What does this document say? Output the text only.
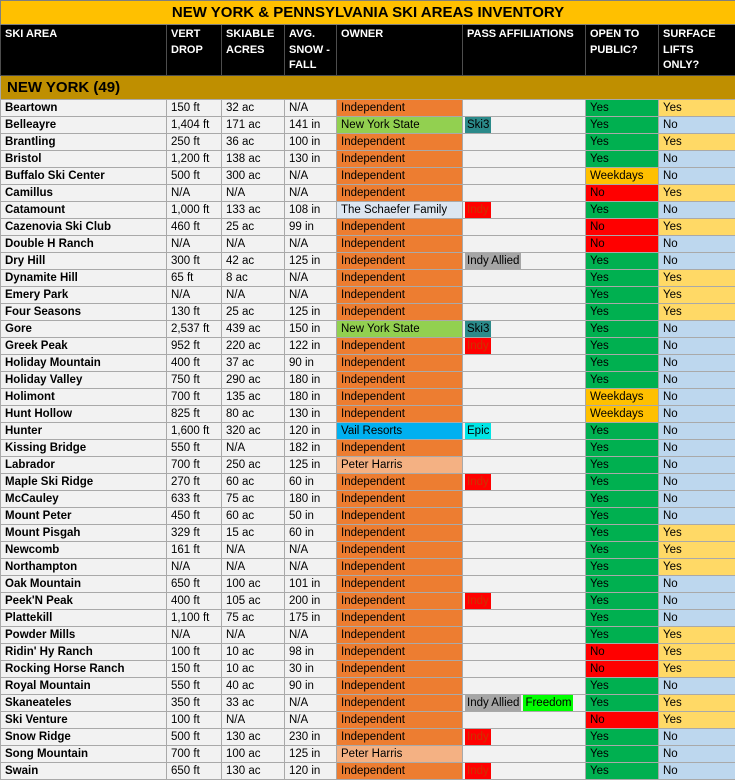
NEW YORK & PENNSYLVANIA SKI AREAS INVENTORY							
SKI AREA	VERT DROP	SKIABLE ACRES	AVG. SNOW - FALL	OWNER	PASS AFFILIATIONS	OPEN TO PUBLIC?	SURFACE LIFTS ONLY?
NEW YORK (49)							
Beartown	150 ft	32 ac	N/A	Independent		Yes	Yes
Belleayre	1,404 ft	171 ac	141 in	New York State	Ski3	Yes	No
Brantling	250 ft	36 ac	100 in	Independent		Yes	Yes
Bristol	1,200 ft	138 ac	130 in	Independent		Yes	No
Buffalo Ski Center	500 ft	300 ac	N/A	Independent		Weekdays	No
Camillus	N/A	N/A	N/A	Independent		No	Yes
Catamount	1,000 ft	133 ac	108 in	The Schaefer Family	Indy	Yes	No
Cazenovia Ski Club	460 ft	25 ac	99 in	Independent		No	Yes
Double H Ranch	N/A	N/A	N/A	Independent		No	No
Dry Hill	300 ft	42 ac	125 in	Independent	Indy Allied	Yes	No
Dynamite Hill	65 ft	8 ac	N/A	Independent		Yes	Yes
Emery Park	N/A	N/A	N/A	Independent		Yes	Yes
Four Seasons	130 ft	25 ac	125 in	Independent		Yes	Yes
Gore	2,537 ft	439 ac	150 in	New York State	Ski3	Yes	No
Greek Peak	952 ft	220 ac	122 in	Independent	Indy	Yes	No
Holiday Mountain	400 ft	37 ac	90 in	Independent		Yes	No
Holiday Valley	750 ft	290 ac	180 in	Independent		Yes	No
Holimont	700 ft	135 ac	180 in	Independent		Weekdays	No
Hunt Hollow	825 ft	80 ac	130 in	Independent		Weekdays	No
Hunter	1,600 ft	320 ac	120 in	Vail Resorts	Epic	Yes	No
Kissing Bridge	550 ft	N/A	182 in	Independent		Yes	No
Labrador	700 ft	250 ac	125 in	Peter Harris		Yes	No
Maple Ski Ridge	270 ft	60 ac	60 in	Independent	Indy	Yes	No
McCauley	633 ft	75 ac	180 in	Independent		Yes	No
Mount Peter	450 ft	60 ac	50 in	Independent		Yes	No
Mount Pisgah	329 ft	15 ac	60 in	Independent		Yes	Yes
Newcomb	161 ft	N/A	N/A	Independent		Yes	Yes
Northampton	N/A	N/A	N/A	Independent		Yes	Yes
Oak Mountain	650 ft	100 ac	101 in	Independent		Yes	No
Peek'N Peak	400 ft	105 ac	200 in	Independent	Indy	Yes	No
Plattekill	1,100 ft	75 ac	175 in	Independent		Yes	No
Powder Mills	N/A	N/A	N/A	Independent		Yes	Yes
Ridin' Hy Ranch	100 ft	10 ac	98 in	Independent		No	Yes
Rocking Horse Ranch	150 ft	10 ac	30 in	Independent		No	Yes
Royal Mountain	550 ft	40 ac	90 in	Independent		Yes	No
Skaneateles	350 ft	33 ac	N/A	Independent	Indy Allied Freedom	Yes	Yes
Ski Venture	100 ft	N/A	N/A	Independent		No	Yes
Snow Ridge	500 ft	130 ac	230 in	Independent	Indy	Yes	No
Song Mountain	700 ft	100 ac	125 in	Peter Harris		Yes	No
Swain	650 ft	130 ac	120 in	Independent	Indy	Yes	No
